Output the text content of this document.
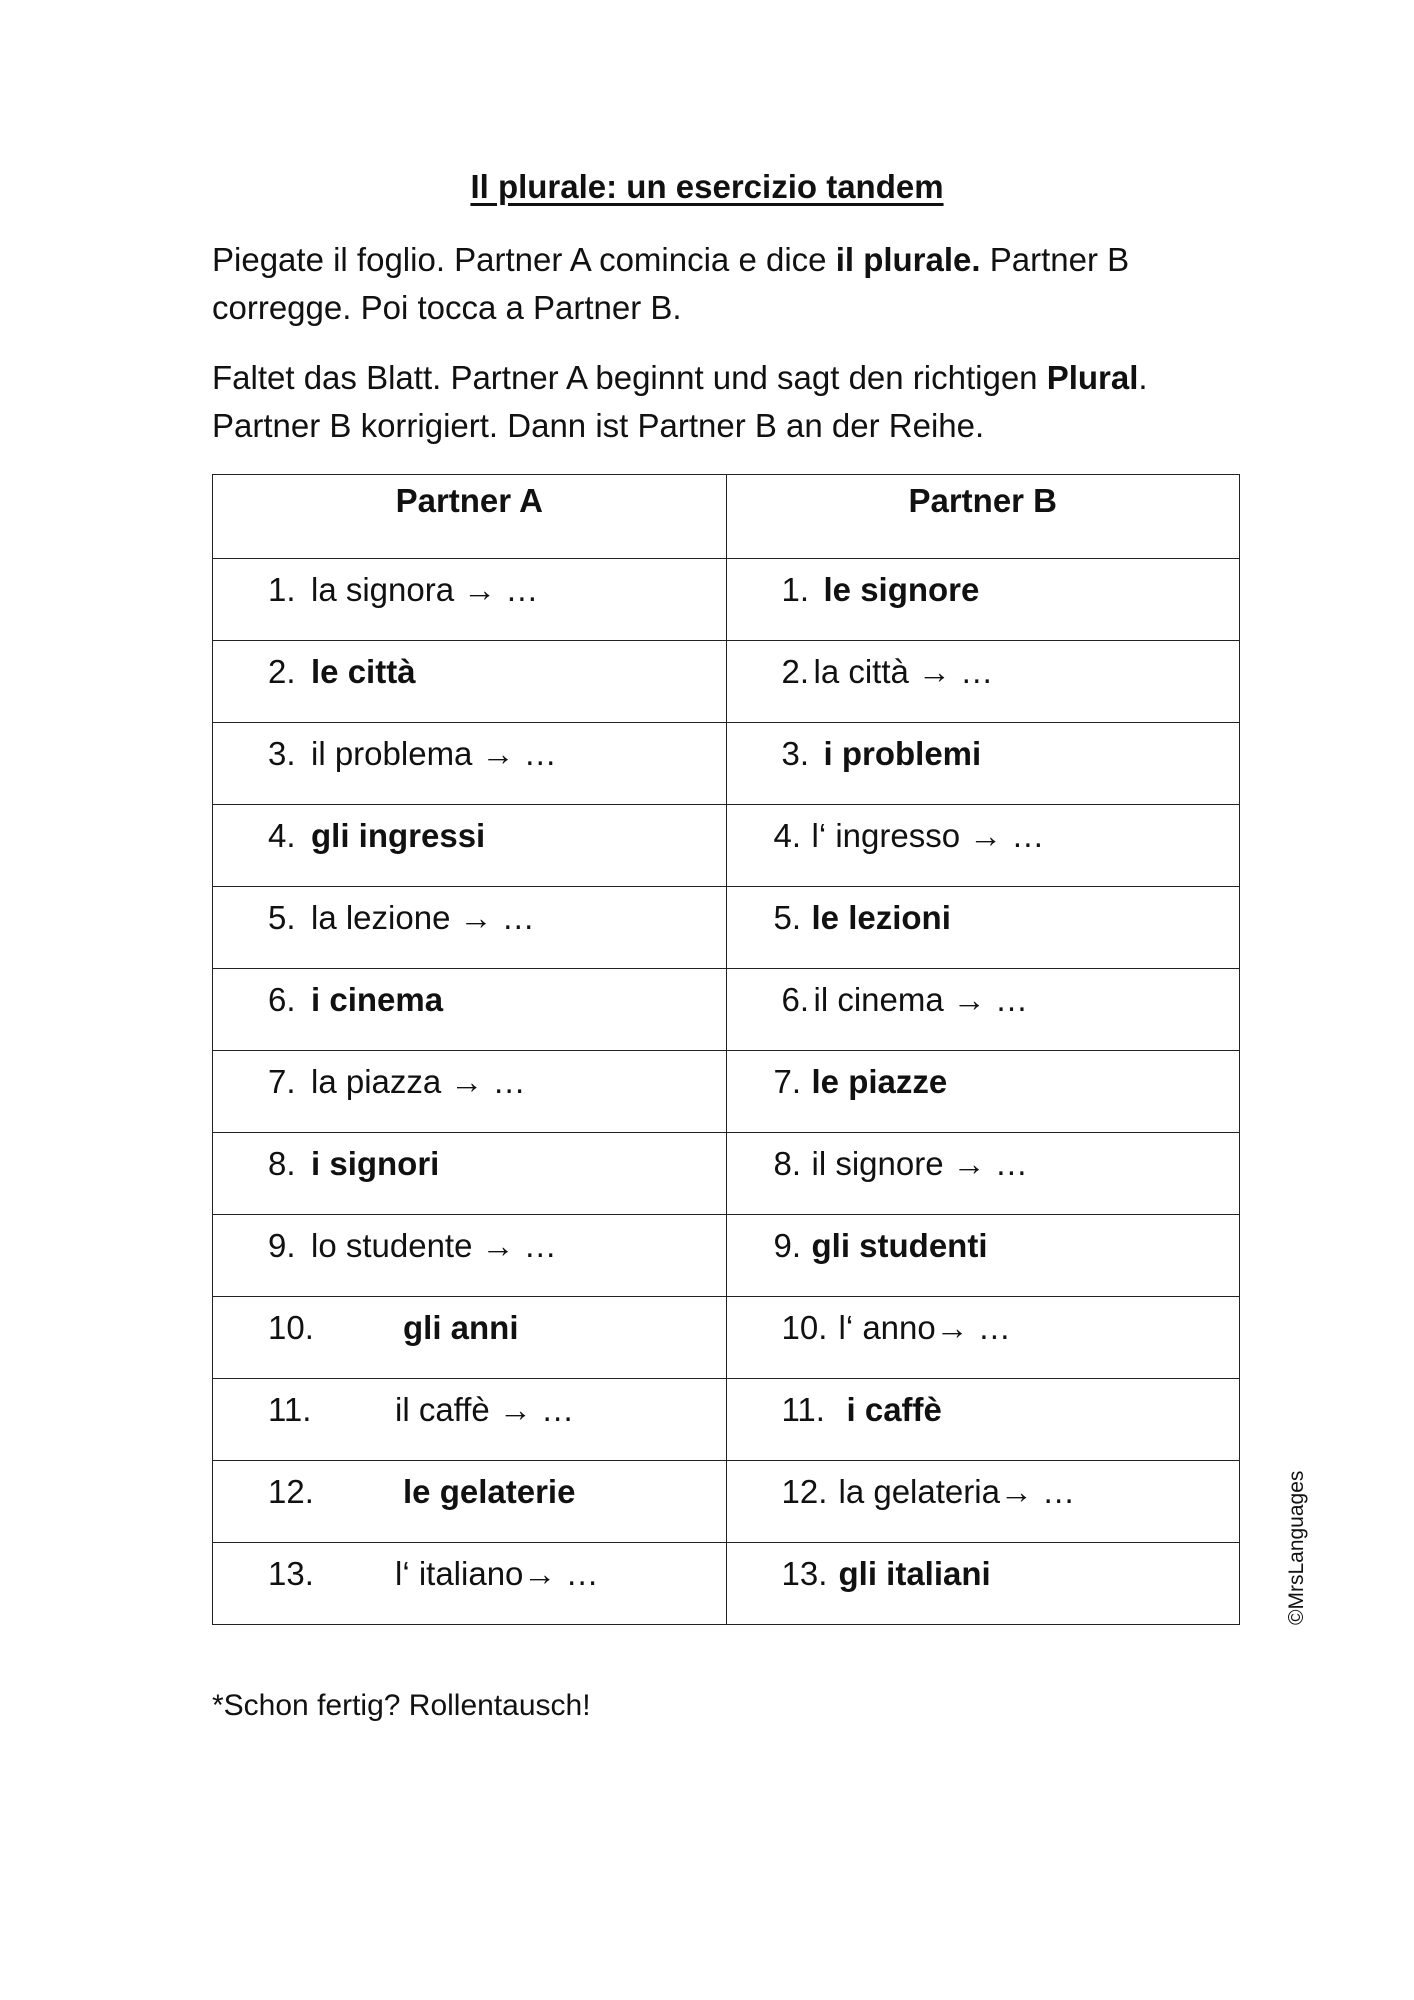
Il plurale: un esercizio tandem
Piegate il foglio. Partner A comincia e dice il plurale. Partner B corregge. Poi tocca a Partner B.
Faltet das Blatt. Partner A beginnt und sagt den richtigen Plural. Partner B korrigiert. Dann ist Partner B an der Reihe.
Partner A	Partner B

1. la signora → …	1. le signore

2. le città	2. la città → …

3. il problema → …	3. i problemi

4. gli ingressi	4. l‘ ingresso → …

5. la lezione → …	5. le lezioni

6. i cinema	6. il cinema → …

7. la piazza → …	7. le piazze

8. i signori	8. il signore → …

9. lo studente → …	9. gli studenti

10. gli anni	10. l‘ anno→ …

11. il caffè → …	11. i caffè

12. le gelaterie	12. la gelateria→ …

13. l‘ italiano→ …	13. gli italiani
*Schon fertig? Rollentausch!
©MrsLanguages
